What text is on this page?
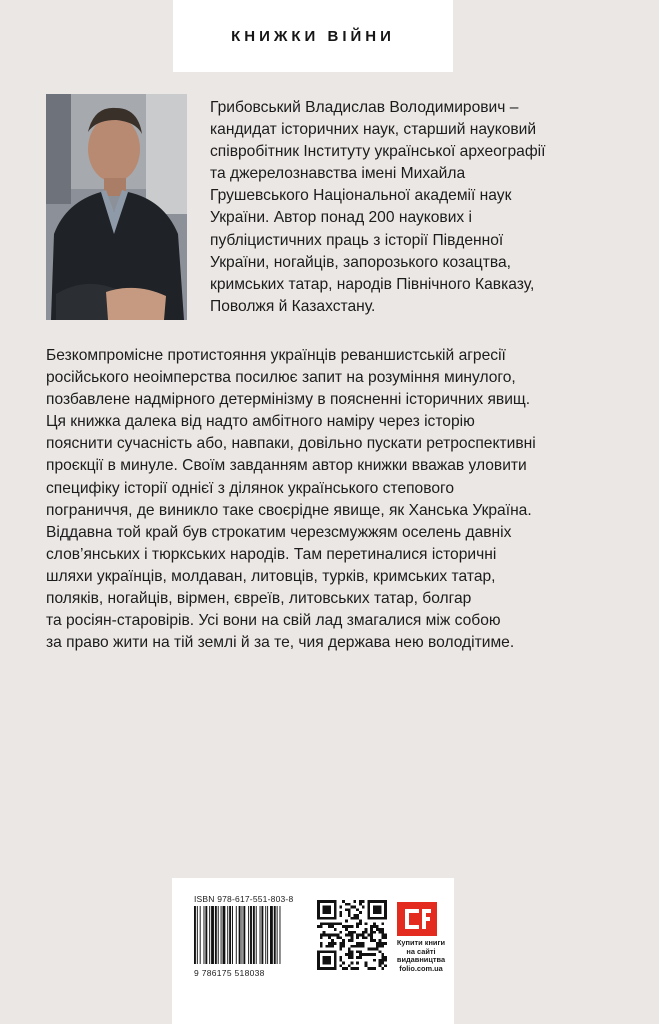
КНИЖКИ ВІЙНИ
Грибовський Владислав Володимирович –
кандидат історичних наук, старший науковий
співробітник Інституту української археографії
та джерелознавства імені Михайла
Грушевського Національної академії наук
України. Автор понад 200 наукових і
публіцистичних праць з історії Південної
України, ногайців, запорозького козацтва,
кримських татар, народів Північного Кавказу,
Поволжя й Казахстану.
Безкомпромісне протистояння українців реваншистській агресії
російського неоімперства посилює запит на розуміння минулого,
позбавлене надмірного детермінізму в поясненні історичних явищ.
Ця книжка далека від надто амбітного наміру через історію
пояснити сучасність або, навпаки, довільно пускати ретроспективні
проєкції в минуле. Своїм завданням автор книжки вважав уловити
специфіку історії однієї з ділянок українського степового
пограниччя, де виникло таке своєрідне явище, як Ханська Україна.
Віддавна той край був строкатим черезсмужжям оселень давніх
слов’янських і тюркських народів. Там перетиналися історичні
шляхи українців, молдаван, литовців, турків, кримських татар,
поляків, ногайців, вірмен, євреїв, литовських татар, болгар
та росіян-старовірів. Усі вони на свій лад змагалися між собою
за право жити на тій землі й за те, чия держава нею володітиме.
ISBN 978-617-551-803-8
9 786175 518038
Купити книги
на сайті
видавництва
folio.com.ua
